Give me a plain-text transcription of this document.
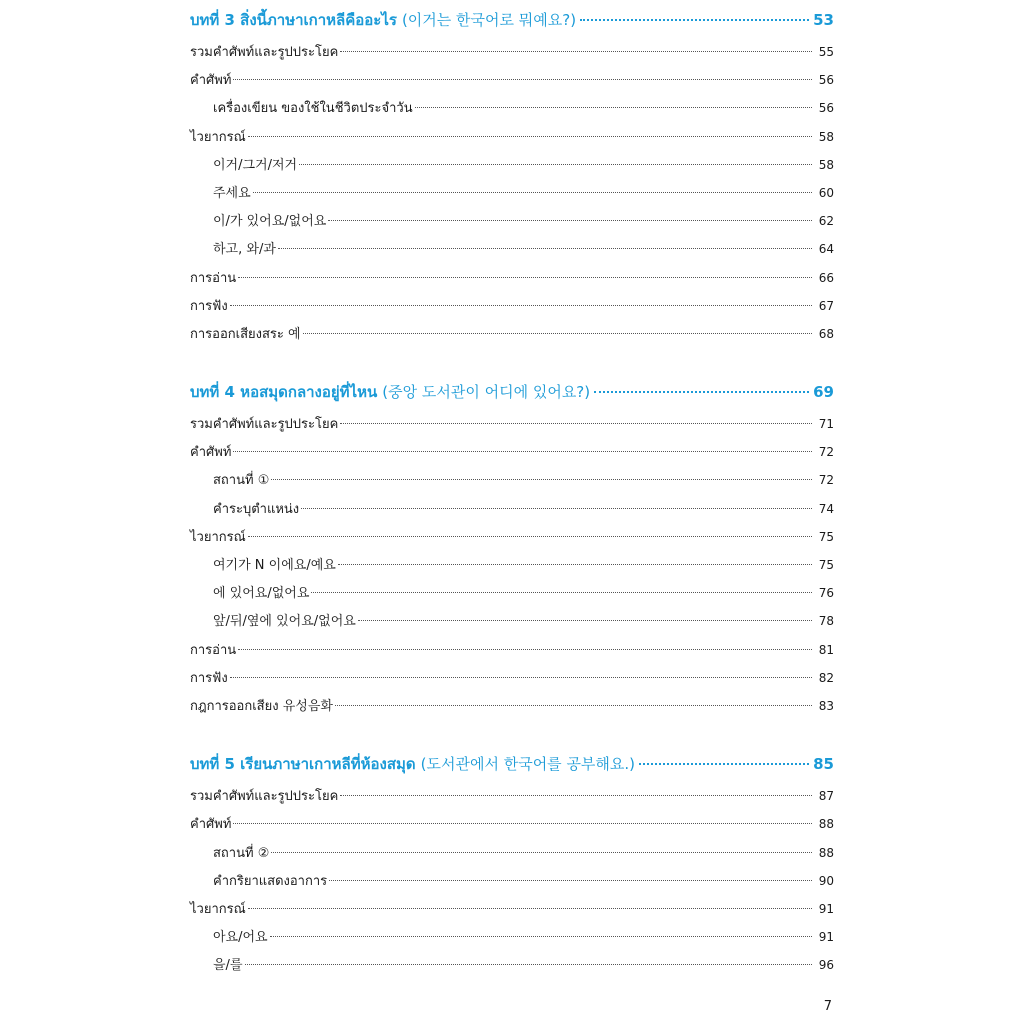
บทที่ 3 สิ่งนี้ภาษาเกาหลีคืออะไร (이거는 한국어로 뭐예요?)	53
รวมคำศัพท์และรูปประโยค	55
คำศัพท์	56
เครื่องเขียน ของใช้ในชีวิตประจำวัน	56
ไวยากรณ์	58
이거/그거/저거	58
주세요	60
이/가 있어요/없어요	62
하고, 와/과	64
การอ่าน	66
การฟัง	67
การออกเสียงสระ 예	68
บทที่ 4 หอสมุดกลางอยู่ที่ไหน (중앙 도서관이 어디에 있어요?)	69
รวมคำศัพท์และรูปประโยค	71
คำศัพท์	72
สถานที่ ①	72
คำระบุตำแหน่ง	74
ไวยากรณ์	75
여기가 N 이에요/예요	75
에 있어요/없어요	76
앞/뒤/옆에 있어요/없어요	78
การอ่าน	81
การฟัง	82
กฎการออกเสียง 유성음화	83
บทที่ 5 เรียนภาษาเกาหลีที่ห้องสมุด (도서관에서 한국어를 공부해요.)	85
รวมคำศัพท์และรูปประโยค	87
คำศัพท์	88
สถานที่ ②	88
คำกริยาแสดงอาการ	90
ไวยากรณ์	91
아요/어요	91
을/를	96
7
